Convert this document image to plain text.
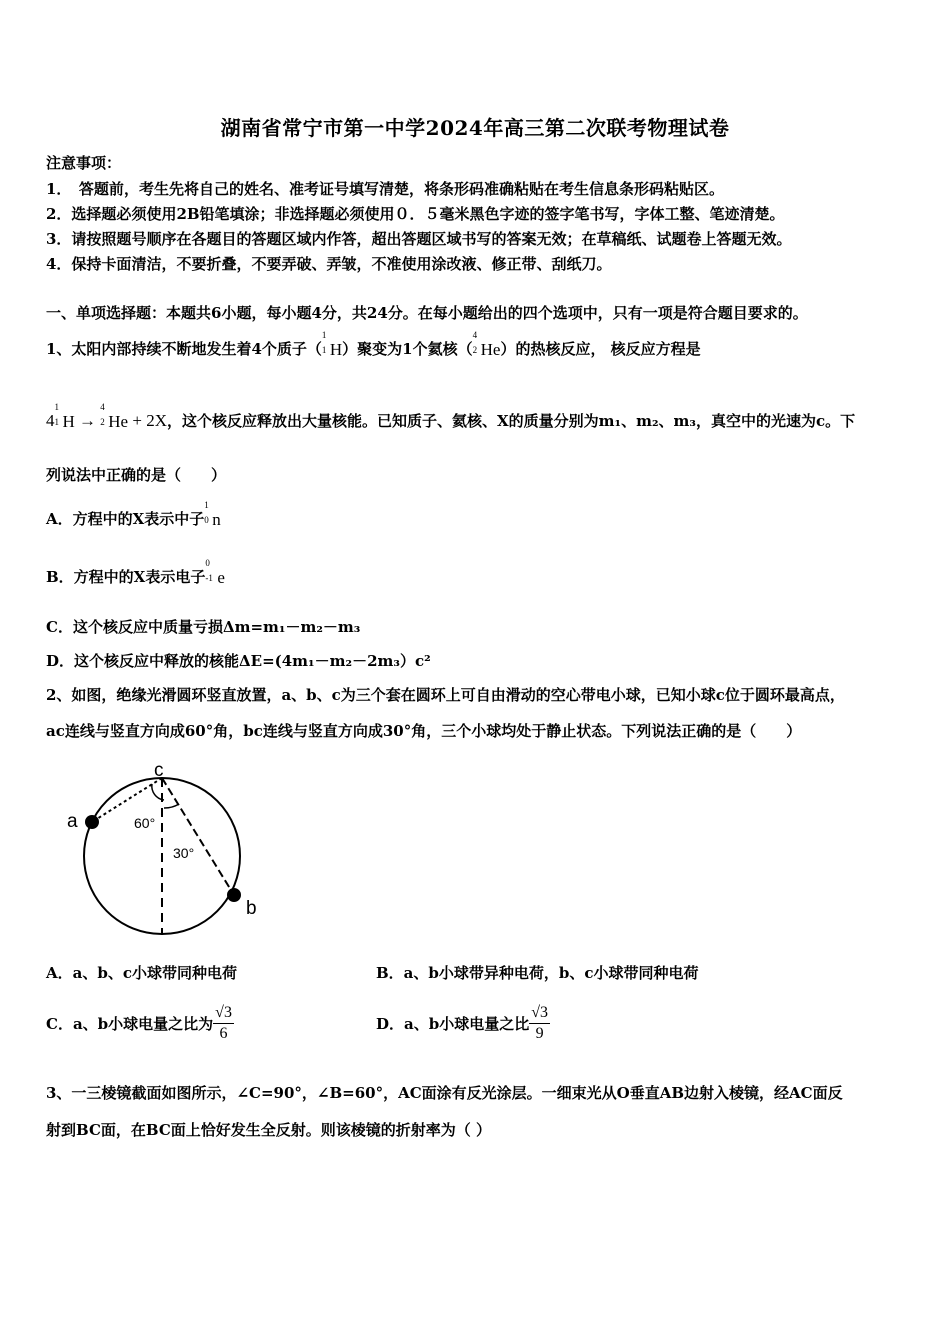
湖南省常宁市第一中学2024年高三第二次联考物理试卷
注意事项：
1．　答题前，考生先将自己的姓名、准考证号填写清楚，将条形码准确粘贴在考生信息条形码粘贴区。
2．选择题必须使用2B铅笔填涂；非选择题必须使用０．５毫米黑色字迹的签字笔书写，字体工整、笔迹清楚。
3．请按照题号顺序在各题目的答题区域内作答，超出答题区域书写的答案无效；在草稿纸、试题卷上答题无效。
4．保持卡面清洁，不要折叠，不要弄破、弄皱，不准使用涂改液、修正带、刮纸刀。
一、单项选择题：本题共6小题，每小题4分，共24分。在每小题给出的四个选项中，只有一项是符合题目要求的。
1、太阳内部持续不断地发生着4个质子（
1
1 H）聚变为1个氦核（
4
2 He）的热核反应， 核反应方程是
4
1
1 H →
4
2 He + 2X，这个核反应释放出大量核能。已知质子、氦核、X的质量分别为m₁、m₂、m₃，真空中的光速为c。下
列说法中正确的是（　　）
A．方程中的X表示中子
1
0 n
B．方程中的X表示电子
0
-1 e
C．这个核反应中质量亏损Δm=m₁－m₂－m₃
D．这个核反应中释放的核能ΔE=(4m₁－m₂－2m₃）c²
2、如图，绝缘光滑圆环竖直放置，a、b、c为三个套在圆环上可自由滑动的空心带电小球，已知小球c位于圆环最高点，
ac连线与竖直方向成60°角，bc连线与竖直方向成30°角，三个小球均处于静止状态。下列说法正确的是（　　）
c
a
b
60°
30°
A．a、b、c小球带同种电荷	B．a、b小球带异种电荷，b、c小球带同种电荷
C．a、b小球电量之比为 $\frac{√3}{6}$	D．a、b小球电量之比 $\frac{√3}{9}$
3、一三棱镜截面如图所示，∠C=90°，∠B=60°，AC面涂有反光涂层。一细束光从O垂直AB边射入棱镜，经AC面反
射到BC面，在BC面上恰好发生全反射。则该棱镜的折射率为（ ）
